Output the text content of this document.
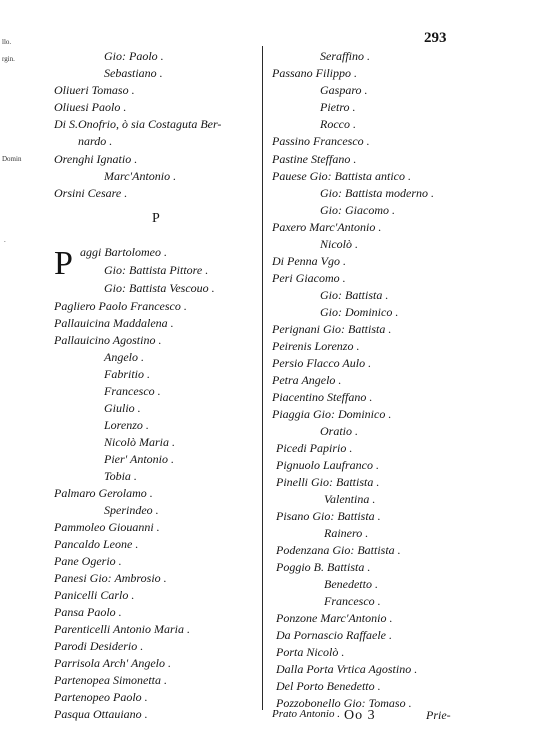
llo.
rgin.
Domin
.
293
P
P
Gio: Paolo .
Sebastiano .
Oliueri Tomaso .
Oliuesi Paolo .
Di S.Onofrio, ò sia Costaguta Ber-
nardo .
Orenghi Ignatio .
Marc'Antonio .
Orsini Cesare .
aggi Bartolomeo .
Gio: Battista Pittore .
Gio: Battista Vescouo .
Pagliero Paolo Francesco .
Pallauicina Maddalena .
Pallauicino Agostino .
Angelo .
Fabritio .
Francesco .
Giulio .
Lorenzo .
Nicolò Maria .
Pier' Antonio .
Tobia .
Palmaro Gerolamo .
Sperindeo .
Pammoleo Giouanni .
Pancaldo Leone .
Pane Ogerio .
Panesi Gio: Ambrosio .
Panicelli Carlo .
Pansa Paolo .
Parenticelli Antonio Maria .
Parodi Desiderio .
Parrisola Arch' Angelo .
Partenopea Simonetta .
Partenopeo Paolo .
Pasqua Ottauiano .
Seraffino .
Passano Filippo .
Gasparo .
Pietro .
Rocco .
Passino Francesco .
Pastine Steffano .
Pauese Gio: Battista antico .
Gio: Battista moderno .
Gio: Giacomo .
Paxero Marc'Antonio .
Nicolò .
Di Penna Vgo .
Peri Giacomo .
Gio: Battista .
Gio: Dominico .
Perignani Gio: Battista .
Peirenis Lorenzo .
Persio Flacco Aulo .
Petra Angelo .
Piacentino Steffano .
Piaggia Gio: Dominico .
Oratio .
Picedi Papirio .
Pignuolo Laufranco .
Pinelli Gio: Battista .
Valentina .
Pisano Gio: Battista .
Rainero .
Podenzana Gio: Battista .
Poggio B. Battista .
Benedetto .
Francesco .
Ponzone Marc'Antonio .
Da Pornascio Raffaele .
Porta Nicolò .
Dalla Porta Vrtica Agostino .
Del Porto Benedetto .
Pozzobonello Gio: Tomaso .
Oo 3	Prie-
Prato Antonio .
